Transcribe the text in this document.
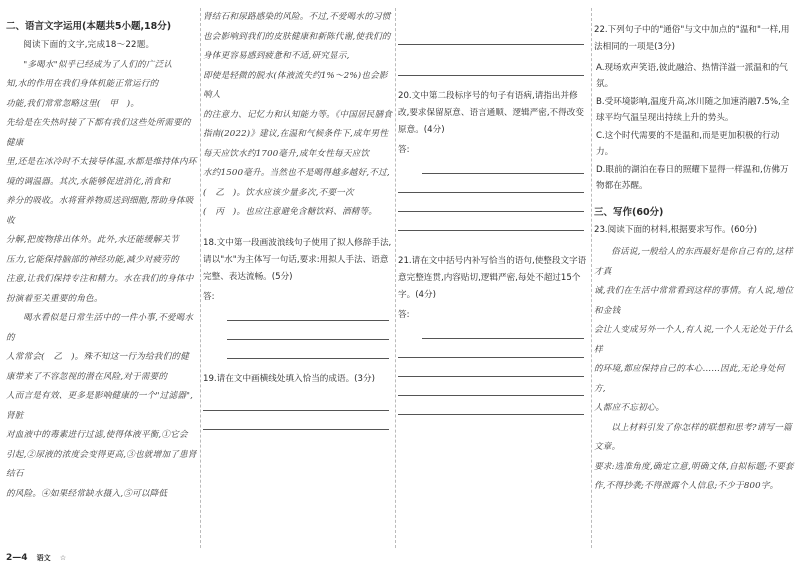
二、语言文字运用(本题共5小题,18分)

阅读下面的文字,完成18～22题。

"多喝水"似乎已经成为了人们的广泛认

知,水的作用在我们身体机能正常运行的

功能,我们常常忽略这里(　甲　)。

先给是在失热时接了下都有我们这些处所需要的健康

里,还是在冰冷时不太接导体温,水都是维持体内环

境的调温器。其次,水能够促进消化,消食和

养分的吸收。水将营养物质送到细胞,帮助身体吸收

分解,把废物排出体外。此外,水还能缓解关节

压力,它能保持脑部的神经功能,减少对疲劳的

注意,让我们保持专注和精力。水在我们的身体中

扮演着至关重要的角色。

喝水看似是日常生活中的一件小事,不爱喝水的

人常常会(　乙　)。殊不知这一行为给我们的健

康带来了不容忽视的潜在风险,对于需要的

人而言是有效、更多是影响健康的一个"过滤器",肾脏

对血液中的毒素进行过滤,使得体液平衡,①它会

引起,②尿液的浓度会变得更高,③也就增加了患肾结石

的风险。④如果经常缺水摄入,⑤可以降低

肾结石和尿路感染的风险。不过,不爱喝水的习惯

也会影响到我们的皮肤健康和新陈代谢,使我们的

身体更容易感到疲惫和不适,研究显示,

即使是轻微的脱水(体液流失约1%～2%)也会影响人

的注意力、记忆力和认知能力等。《中国居民膳食

指南(2022)》建议,在温和气候条件下,成年男性

每天应饮水约1700毫升,成年女性每天应饮

水约1500毫升。当然也不是喝得越多越好,不过,

(　乙　)。饮水应该少量多次,不要一次

(　丙　)。也应注意避免含糖饮料、酒精等。

18.文中第一段画波浪线句子使用了拟人修辞手法,请以"水"为主体写一句话,要求:用拟人手法、语意完整、表达流畅。(5分)
答:
19.请在文中画横线处填入恰当的成语。(3分)
20.文中第二段标序号的句子有语病,请指出并修改,要求保留原意、语言通顺、逻辑严密,不得改变原意。(4分)
答:
21.请在文中括号内补写恰当的语句,使整段文字语意完整连贯,内容贴切,逻辑严密,每处不超过15个字。(4分)
答:
22.下列句子中的"通俗"与文中加点的"温和"一样,用法相同的一项是(3分)
A.现场欢声笑语,彼此融洽、热情洋溢一派温和的气氛。
B.受环境影响,温度升高,冰川随之加速消融7.5%,全球平均气温呈现出持续上升的势头。
C.这个时代需要的不是温和,而是更加积极的行动力。
D.眼前的湖泊在春日的照耀下显得一样温和,仿佛万物都在苏醒。
三、写作(60分)
23.阅读下面的材料,根据要求写作。(60分)

俗话说,一般给人的东西最好是你自己有的,这样才真

诚,我们在生活中常常看到这样的事情。有人说,地位和金钱

会让人变成另外一个人,有人说,一个人无论处于什么样

的环境,都应保持自己的本心……因此,无论身处何方,

人都应不忘初心。

以上材料引发了你怎样的联想和思考?请写一篇文章。

要求:选准角度,确定立意,明确文体,自拟标题;不要套作,不得抄袭;不得泄露个人信息;不少于800字。

2—4 语文 ☆
